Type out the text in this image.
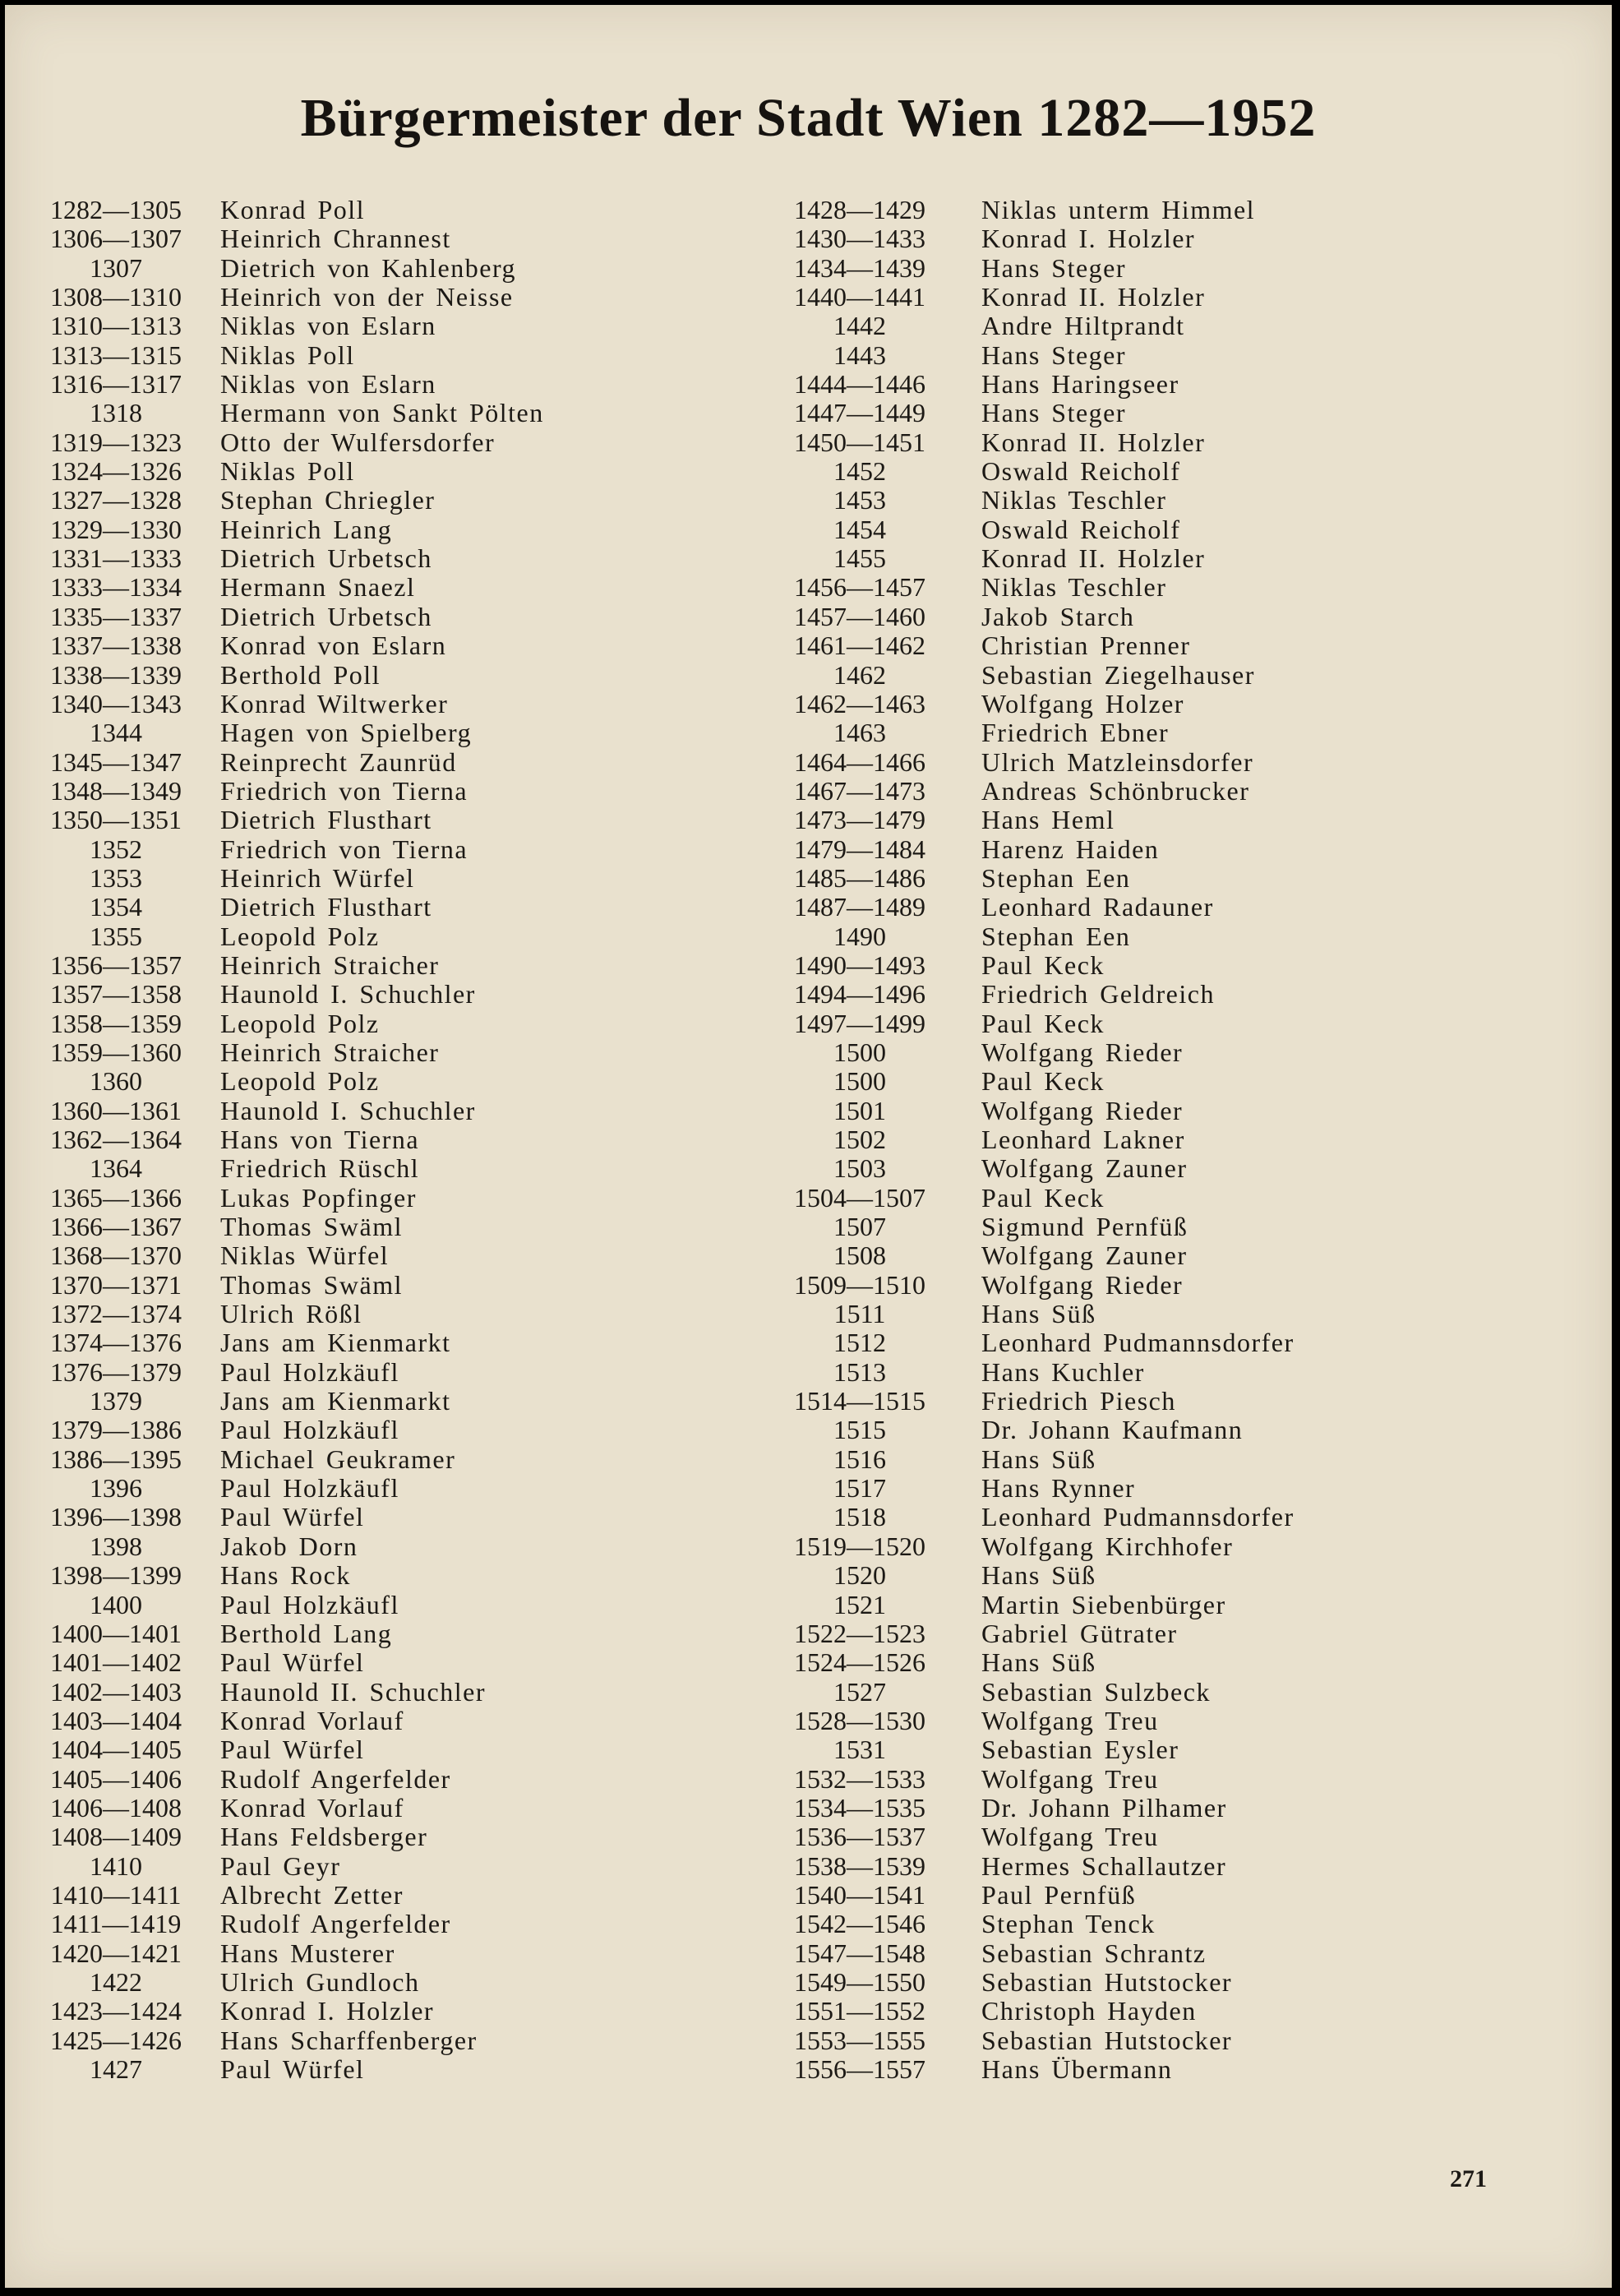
Bürgermeister der Stadt Wien 1282—1952
1282—1305	Konrad Poll
1306—1307	Heinrich Chrannest
1307	Dietrich von Kahlenberg
1308—1310	Heinrich von der Neisse
1310—1313	Niklas von Eslarn
1313—1315	Niklas Poll
1316—1317	Niklas von Eslarn
1318	Hermann von Sankt Pölten
1319—1323	Otto der Wulfersdorfer
1324—1326	Niklas Poll
1327—1328	Stephan Chriegler
1329—1330	Heinrich Lang
1331—1333	Dietrich Urbetsch
1333—1334	Hermann Snaezl
1335—1337	Dietrich Urbetsch
1337—1338	Konrad von Eslarn
1338—1339	Berthold Poll
1340—1343	Konrad Wiltwerker
1344	Hagen von Spielberg
1345—1347	Reinprecht Zaunrüd
1348—1349	Friedrich von Tierna
1350—1351	Dietrich Flusthart
1352	Friedrich von Tierna
1353	Heinrich Würfel
1354	Dietrich Flusthart
1355	Leopold Polz
1356—1357	Heinrich Straicher
1357—1358	Haunold I. Schuchler
1358—1359	Leopold Polz
1359—1360	Heinrich Straicher
1360	Leopold Polz
1360—1361	Haunold I. Schuchler
1362—1364	Hans von Tierna
1364	Friedrich Rüschl
1365—1366	Lukas Popfinger
1366—1367	Thomas Swäml
1368—1370	Niklas Würfel
1370—1371	Thomas Swäml
1372—1374	Ulrich Rößl
1374—1376	Jans am Kienmarkt
1376—1379	Paul Holzkäufl
1379	Jans am Kienmarkt
1379—1386	Paul Holzkäufl
1386—1395	Michael Geukramer
1396	Paul Holzkäufl
1396—1398	Paul Würfel
1398	Jakob Dorn
1398—1399	Hans Rock
1400	Paul Holzkäufl
1400—1401	Berthold Lang
1401—1402	Paul Würfel
1402—1403	Haunold II. Schuchler
1403—1404	Konrad Vorlauf
1404—1405	Paul Würfel
1405—1406	Rudolf Angerfelder
1406—1408	Konrad Vorlauf
1408—1409	Hans Feldsberger
1410	Paul Geyr
1410—1411	Albrecht Zetter
1411—1419	Rudolf Angerfelder
1420—1421	Hans Musterer
1422	Ulrich Gundloch
1423—1424	Konrad I. Holzler
1425—1426	Hans Scharffenberger
1427	Paul Würfel
1428—1429	Niklas unterm Himmel
1430—1433	Konrad I. Holzler
1434—1439	Hans Steger
1440—1441	Konrad II. Holzler
1442	Andre Hiltprandt
1443	Hans Steger
1444—1446	Hans Haringseer
1447—1449	Hans Steger
1450—1451	Konrad II. Holzler
1452	Oswald Reicholf
1453	Niklas Teschler
1454	Oswald Reicholf
1455	Konrad II. Holzler
1456—1457	Niklas Teschler
1457—1460	Jakob Starch
1461—1462	Christian Prenner
1462	Sebastian Ziegelhauser
1462—1463	Wolfgang Holzer
1463	Friedrich Ebner
1464—1466	Ulrich Matzleinsdorfer
1467—1473	Andreas Schönbrucker
1473—1479	Hans Heml
1479—1484	Harenz Haiden
1485—1486	Stephan Een
1487—1489	Leonhard Radauner
1490	Stephan Een
1490—1493	Paul Keck
1494—1496	Friedrich Geldreich
1497—1499	Paul Keck
1500	Wolfgang Rieder
1500	Paul Keck
1501	Wolfgang Rieder
1502	Leonhard Lakner
1503	Wolfgang Zauner
1504—1507	Paul Keck
1507	Sigmund Pernfüß
1508	Wolfgang Zauner
1509—1510	Wolfgang Rieder
1511	Hans Süß
1512	Leonhard Pudmannsdorfer
1513	Hans Kuchler
1514—1515	Friedrich Piesch
1515	Dr. Johann Kaufmann
1516	Hans Süß
1517	Hans Rynner
1518	Leonhard Pudmannsdorfer
1519—1520	Wolfgang Kirchhofer
1520	Hans Süß
1521	Martin Siebenbürger
1522—1523	Gabriel Gütrater
1524—1526	Hans Süß
1527	Sebastian Sulzbeck
1528—1530	Wolfgang Treu
1531	Sebastian Eysler
1532—1533	Wolfgang Treu
1534—1535	Dr. Johann Pilhamer
1536—1537	Wolfgang Treu
1538—1539	Hermes Schallautzer
1540—1541	Paul Pernfüß
1542—1546	Stephan Tenck
1547—1548	Sebastian Schrantz
1549—1550	Sebastian Hutstocker
1551—1552	Christoph Hayden
1553—1555	Sebastian Hutstocker
1556—1557	Hans Übermann
271
